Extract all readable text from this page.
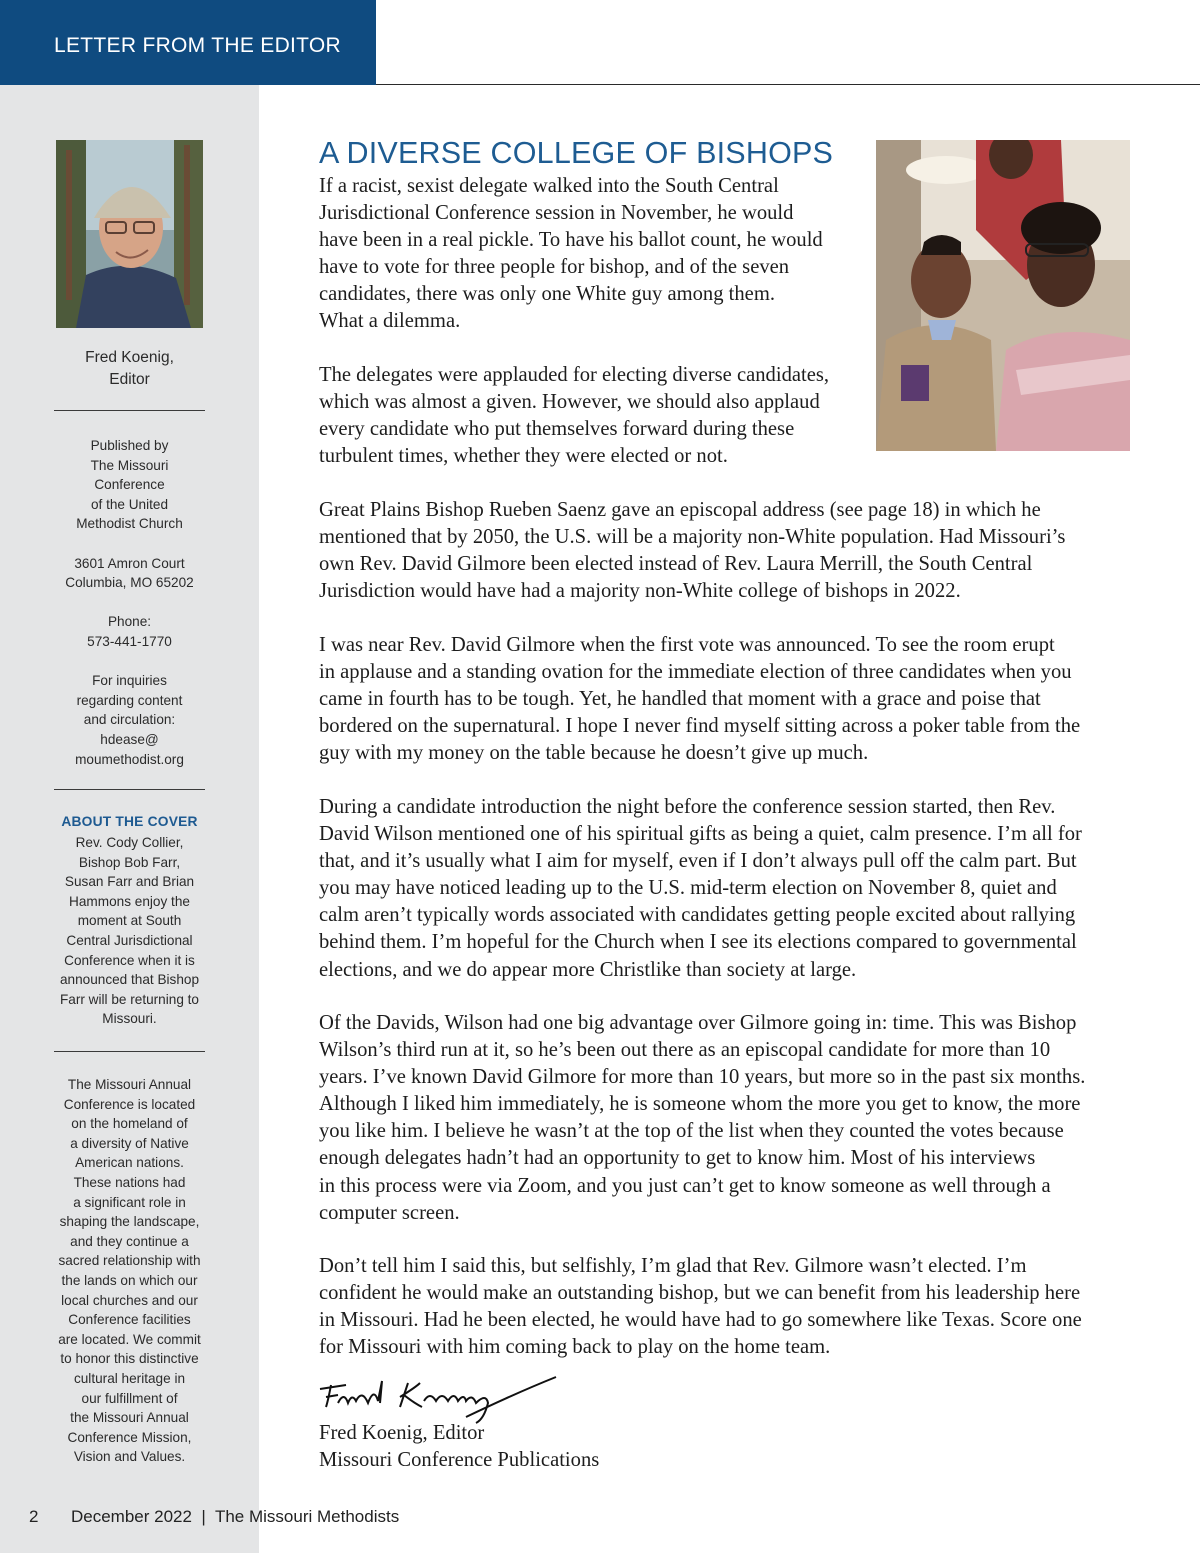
LETTER FROM THE EDITOR
Fred Koenig,
Editor
Published by
The Missouri
Conference
of the United
Methodist Church
3601 Amron Court
Columbia, MO 65202
Phone:
573-441-1770
For inquiries
regarding content
and circulation:
hdease@
moumethodist.org
ABOUT THE COVER
Rev. Cody Collier,
Bishop Bob Farr,
Susan Farr and Brian
Hammons enjoy the
moment at South
Central Jurisdictional
Conference when it is
announced that Bishop
Farr will be returning to
Missouri.
The Missouri Annual
Conference is located
on the homeland of
a diversity of Native
American nations.
These nations had
a significant role in
shaping the landscape,
and they continue a
sacred relationship with
the lands on which our
local churches and our
Conference facilities
are located. We commit
to honor this distinctive
cultural heritage in
our fulfillment of
the Missouri Annual
Conference Mission,
Vision and Values.
A DIVERSE COLLEGE OF BISHOPS

If a racist, sexist delegate walked into the South Central
Jurisdictional Conference session in November, he would
have been in a real pickle. To have his ballot count, he would
have to vote for three people for bishop, and of the seven
candidates, there was only one White guy among them.
What a dilemma.

The delegates were applauded for electing diverse candidates,
which was almost a given. However, we should also applaud
every candidate who put themselves forward during these
turbulent times, whether they were elected or not.

Great Plains Bishop Rueben Saenz gave an episcopal address (see page 18) in which he
mentioned that by 2050, the U.S. will be a majority non-White population. Had Missouri’s
own Rev. David Gilmore been elected instead of Rev. Laura Merrill, the South Central
Jurisdiction would have had a majority non-White college of bishops in 2022.

I was near Rev. David Gilmore when the first vote was announced. To see the room erupt
in applause and a standing ovation for the immediate election of three candidates when you
came in fourth has to be tough. Yet, he handled that moment with a grace and poise that
bordered on the supernatural. I hope I never find myself sitting across a poker table from the
guy with my money on the table because he doesn’t give up much.

During a candidate introduction the night before the conference session started, then Rev.
David Wilson mentioned one of his spiritual gifts as being a quiet, calm presence. I’m all for
that, and it’s usually what I aim for myself, even if I don’t always pull off the calm part. But
you may have noticed leading up to the U.S. mid-term election on November 8, quiet and
calm aren’t typically words associated with candidates getting people excited about rallying
behind them. I’m hopeful for the Church when I see its elections compared to governmental
elections, and we do appear more Christlike than society at large.

Of the Davids, Wilson had one big advantage over Gilmore going in: time. This was Bishop
Wilson’s third run at it, so he’s been out there as an episcopal candidate for more than 10
years. I’ve known David Gilmore for more than 10 years, but more so in the past six months.
Although I liked him immediately, he is someone whom the more you get to know, the more
you like him. I believe he wasn’t at the top of the list when they counted the votes because
enough delegates hadn’t had an opportunity to get to know him. Most of his interviews
in this process were via Zoom, and you just can’t get to know someone as well through a
computer screen.

Don’t tell him I said this, but selfishly, I’m glad that Rev. Gilmore wasn’t elected. I’m
confident he would make an outstanding bishop, but we can benefit from his leadership here
in Missouri. Had he been elected, he would have had to go somewhere like Texas. Score one
for Missouri with him coming back to play on the home team.

Fred Koenig, Editor
Missouri Conference Publications
2 December 2022  |  The Missouri Methodists
